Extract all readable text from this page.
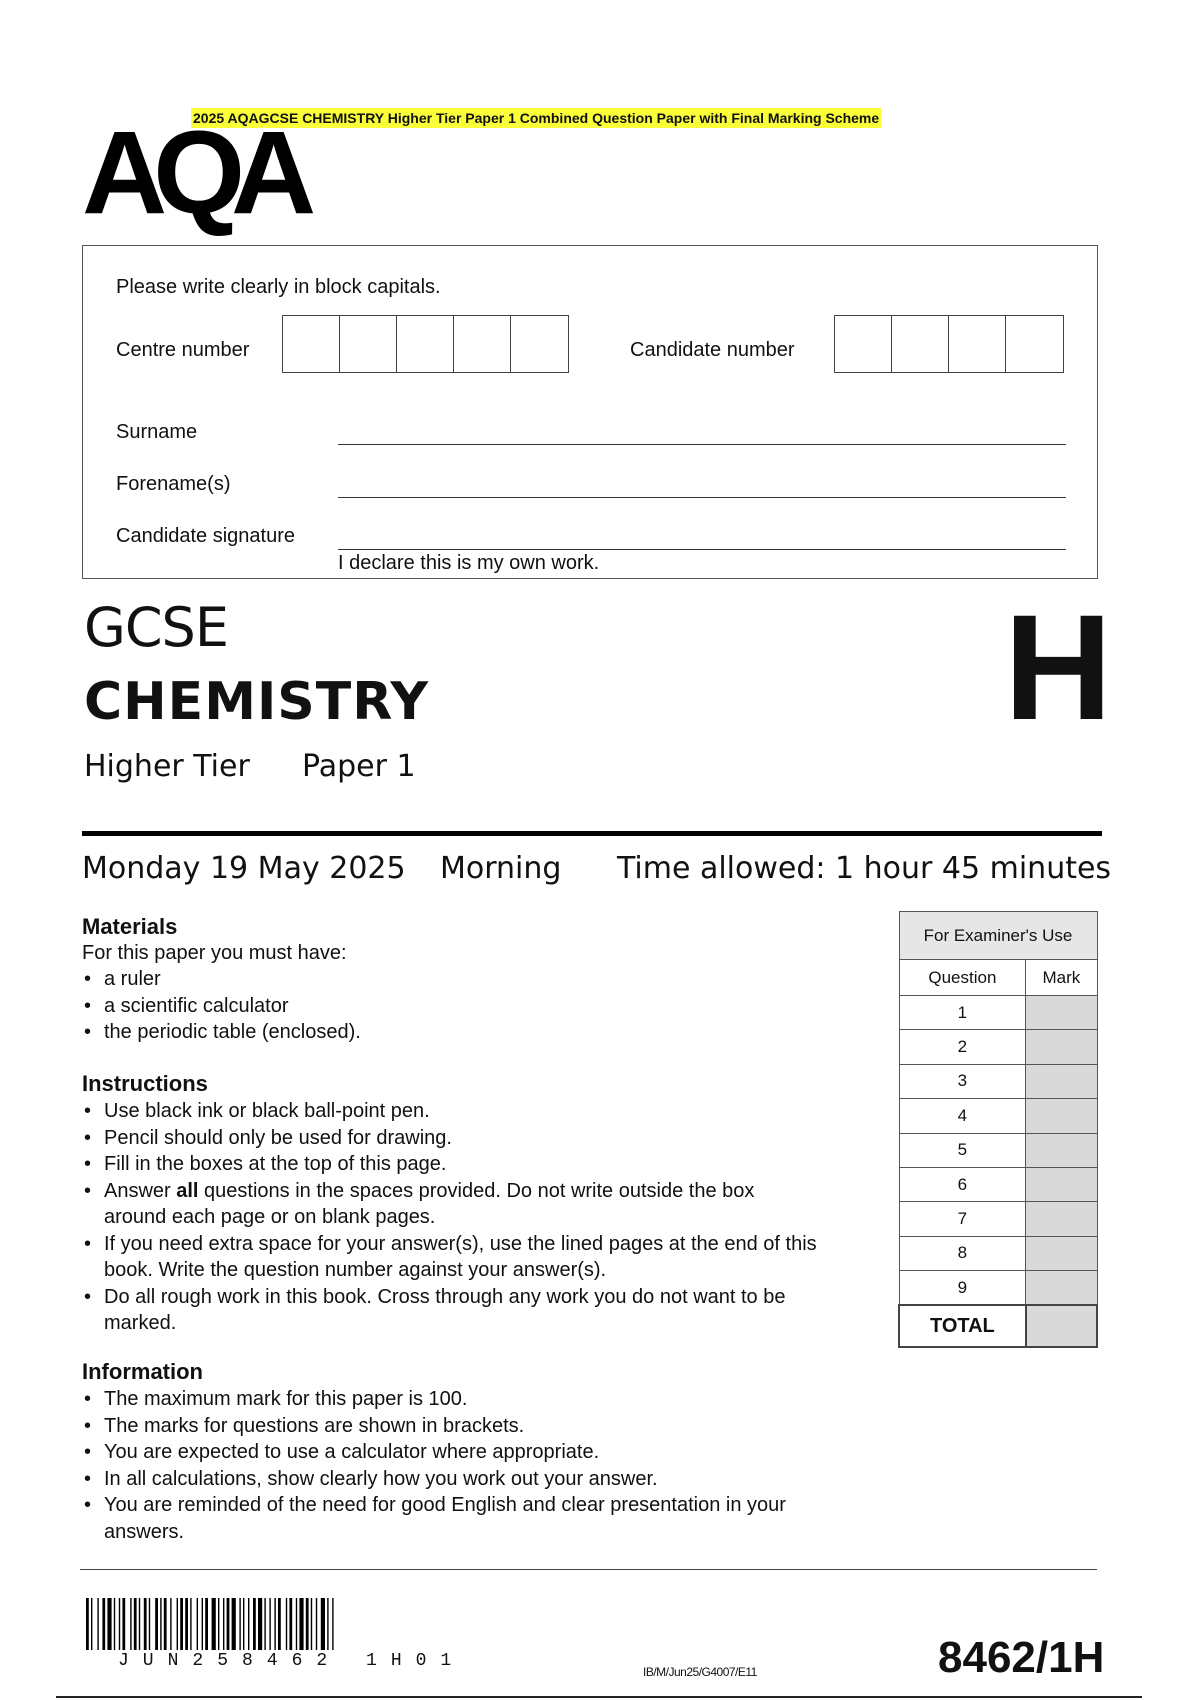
2025 AQAGCSE CHEMISTRY Higher Tier Paper 1 Combined Question Paper with Final Marking Scheme
AQA
Please write clearly in block capitals.
Centre number	Candidate number
Surname
Forename(s)
Candidate signature
I declare this is my own work.
GCSE
CHEMISTRY
Higher Tier Paper 1
H
Monday 19 May 2025 Morning Time allowed: 1 hour 45 minutes
Materials
For this paper you must have:
• a ruler
• a scientific calculator
• the periodic table (enclosed).
Instructions
• Use black ink or black ball-point pen.
• Pencil should only be used for drawing.
• Fill in the boxes at the top of this page.
• Answer all questions in the spaces provided. Do not write outside the box around each page or on blank pages.
• If you need extra space for your answer(s), use the lined pages at the end of this book. Write the question number against your answer(s).
• Do all rough work in this book. Cross through any work you do not want to be marked.
Information
• The maximum mark for this paper is 100.
• The marks for questions are shown in brackets.
• You are expected to use a calculator where appropriate.
• In all calculations, show clearly how you work out your answer.
• You are reminded of the need for good English and clear presentation in your answers.
For Examiner's Use	
Question	Mark
1	
2	
3	
4	
5	
6	
7	
8	
9	
TOTAL	
JUN258462 1H01
IB/M/Jun25/G4007/E11	8462/1H
